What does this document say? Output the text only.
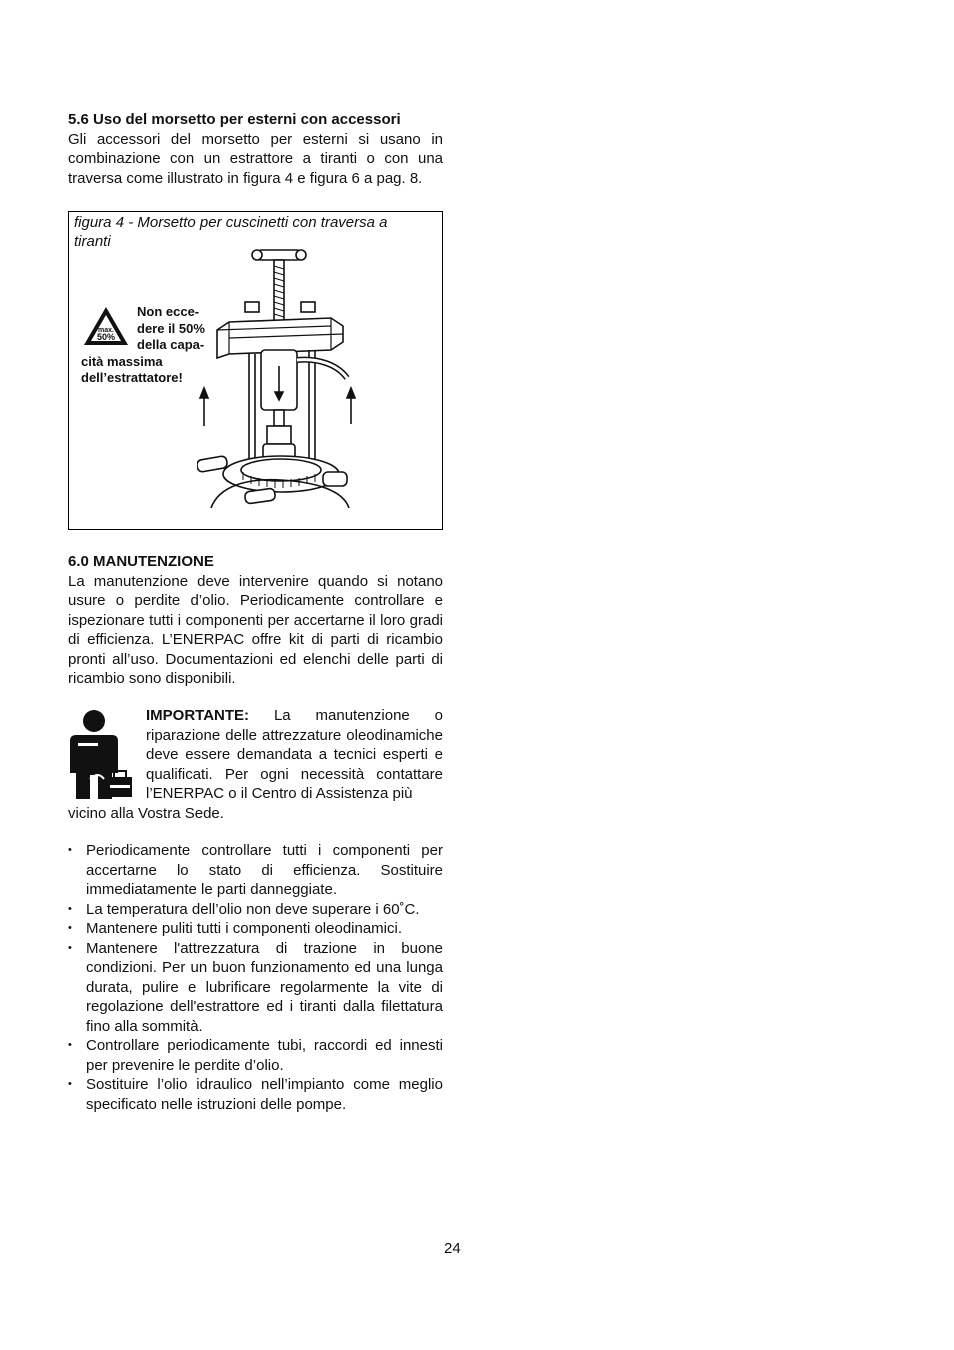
5.6 Uso del morsetto per esterni con accessori
Gli accessori del morsetto per esterni si usano in combinazione con un estrattore a tiranti o con una traversa come illustrato in figura 4 e figura 6 a pag. 8.
figura 4 - Morsetto per cuscinetti con traversa a tiranti
max.
50%
Non ecce-
dere il 50%
della capa-
cità massima
dell’estrattatore!
6.0 MANUTENZIONE
La manutenzione deve intervenire quando si notano usure o perdite d’olio. Periodicamente controllare e ispezionare tutti i componenti per accertarne il loro gradi di efficienza. L’ENERPAC offre kit di parti di ricambio pronti all’uso. Documentazioni ed elenchi delle parti di ricambio sono disponibili.
IMPORTANTE: La manutenzione o riparazione delle attrezzature oleodinamiche deve essere demandata a tecnici esperti e qualificati. Per ogni necessità contattare l’ENERPAC o il Centro di Assistenza più
vicino alla Vostra Sede.
• Periodicamente controllare tutti i componenti per accertarne lo stato di efficienza. Sostituire immediatamente le parti danneggiate.
• La temperatura dell’olio non deve superare i 60˚C.
• Mantenere puliti tutti i componenti oleodinamici.
• Mantenere l'attrezzatura di trazione in buone condizioni. Per un buon funzionamento ed una lunga durata, pulire e lubrificare regolarmente la vite di regolazione dell'estrattore ed i tiranti dalla filettatura fino alla sommità.
• Controllare periodicamente tubi, raccordi ed innesti per prevenire le perdite d’olio.
• Sostituire l’olio idraulico nell’impianto come meglio specificato nelle istruzioni delle pompe.
24
